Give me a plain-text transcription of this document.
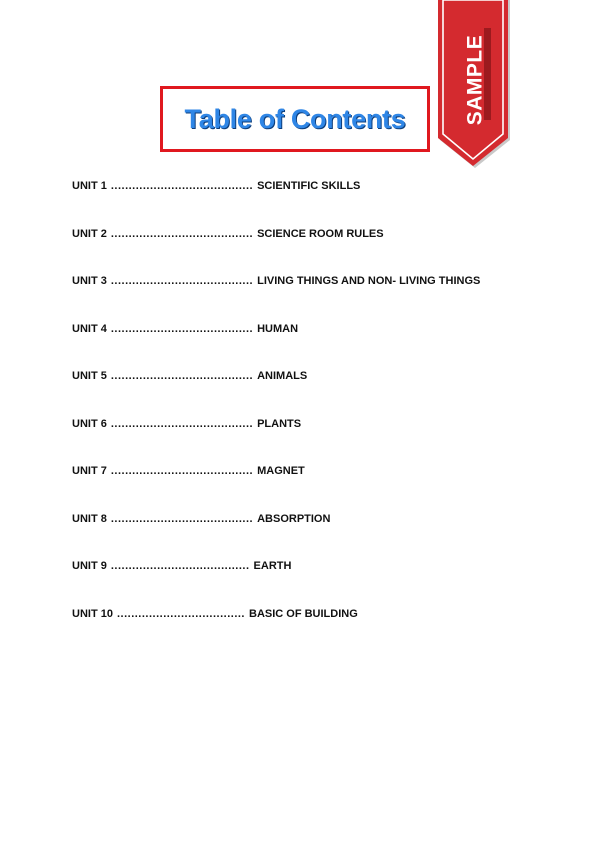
Table of Contents	SAMPLE
UNIT 1 ........................................ SCIENTIFIC SKILLS
UNIT 2 ........................................ SCIENCE ROOM RULES
UNIT 3 ........................................ LIVING THINGS AND NON- LIVING THINGS
UNIT 4 ........................................ HUMAN
UNIT 5 ........................................ ANIMALS
UNIT 6 ........................................ PLANTS
UNIT 7 ........................................ MAGNET
UNIT 8 ........................................ ABSORPTION
UNIT 9 ....................................... EARTH
UNIT 10 .................................... BASIC OF BUILDING
